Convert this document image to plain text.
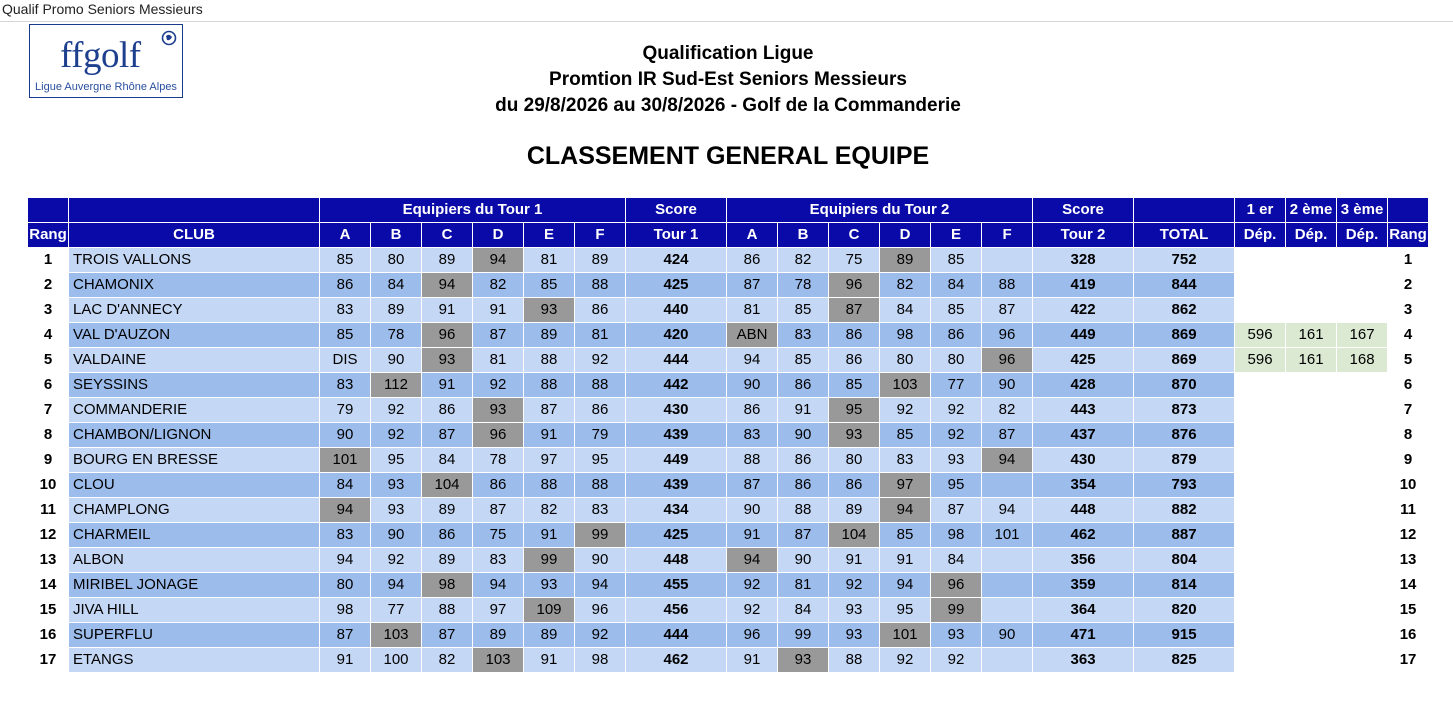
Qualif Promo Seniors Messieurs
ffgolf
Ligue Auvergne Rhône Alpes
Qualification Ligue
Promtion IR Sud-Est Seniors Messieurs
du 29/8/2026 au 30/8/2026 - Golf de la Commanderie
CLASSEMENT GENERAL EQUIPE
		Equipiers du Tour 1						Score	Equipiers du Tour 2						Score		1 er	2 ème	3 ème	
Rang	CLUB	A	B	C	D	E	F	Tour 1	A	B	C	D	E	F	Tour 2	TOTAL	Dép.	Dép.	Dép.	Rang
1	TROIS VALLONS	85	80	89	94	81	89	424	86	82	75	89	85		328	752				1
2	CHAMONIX	86	84	94	82	85	88	425	87	78	96	82	84	88	419	844				2
3	LAC D'ANNECY	83	89	91	91	93	86	440	81	85	87	84	85	87	422	862				3
4	VAL D'AUZON	85	78	96	87	89	81	420	ABN	83	86	98	86	96	449	869	596	161	167	4
5	VALDAINE	DIS	90	93	81	88	92	444	94	85	86	80	80	96	425	869	596	161	168	5
6	SEYSSINS	83	112	91	92	88	88	442	90	86	85	103	77	90	428	870				6
7	COMMANDERIE	79	92	86	93	87	86	430	86	91	95	92	92	82	443	873				7
8	CHAMBON/LIGNON	90	92	87	96	91	79	439	83	90	93	85	92	87	437	876				8
9	BOURG EN BRESSE	101	95	84	78	97	95	449	88	86	80	83	93	94	430	879				9
10	CLOU	84	93	104	86	88	88	439	87	86	86	97	95		354	793				10
11	CHAMPLONG	94	93	89	87	82	83	434	90	88	89	94	87	94	448	882				11
12	CHARMEIL	83	90	86	75	91	99	425	91	87	104	85	98	101	462	887				12
13	ALBON	94	92	89	83	99	90	448	94	90	91	91	84		356	804				13
14	MIRIBEL JONAGE	80	94	98	94	93	94	455	92	81	92	94	96		359	814				14
15	JIVA HILL	98	77	88	97	109	96	456	92	84	93	95	99		364	820				15
16	SUPERFLU	87	103	87	89	89	92	444	96	99	93	101	93	90	471	915				16
17	ETANGS	91	100	82	103	91	98	462	91	93	88	92	92		363	825				17
